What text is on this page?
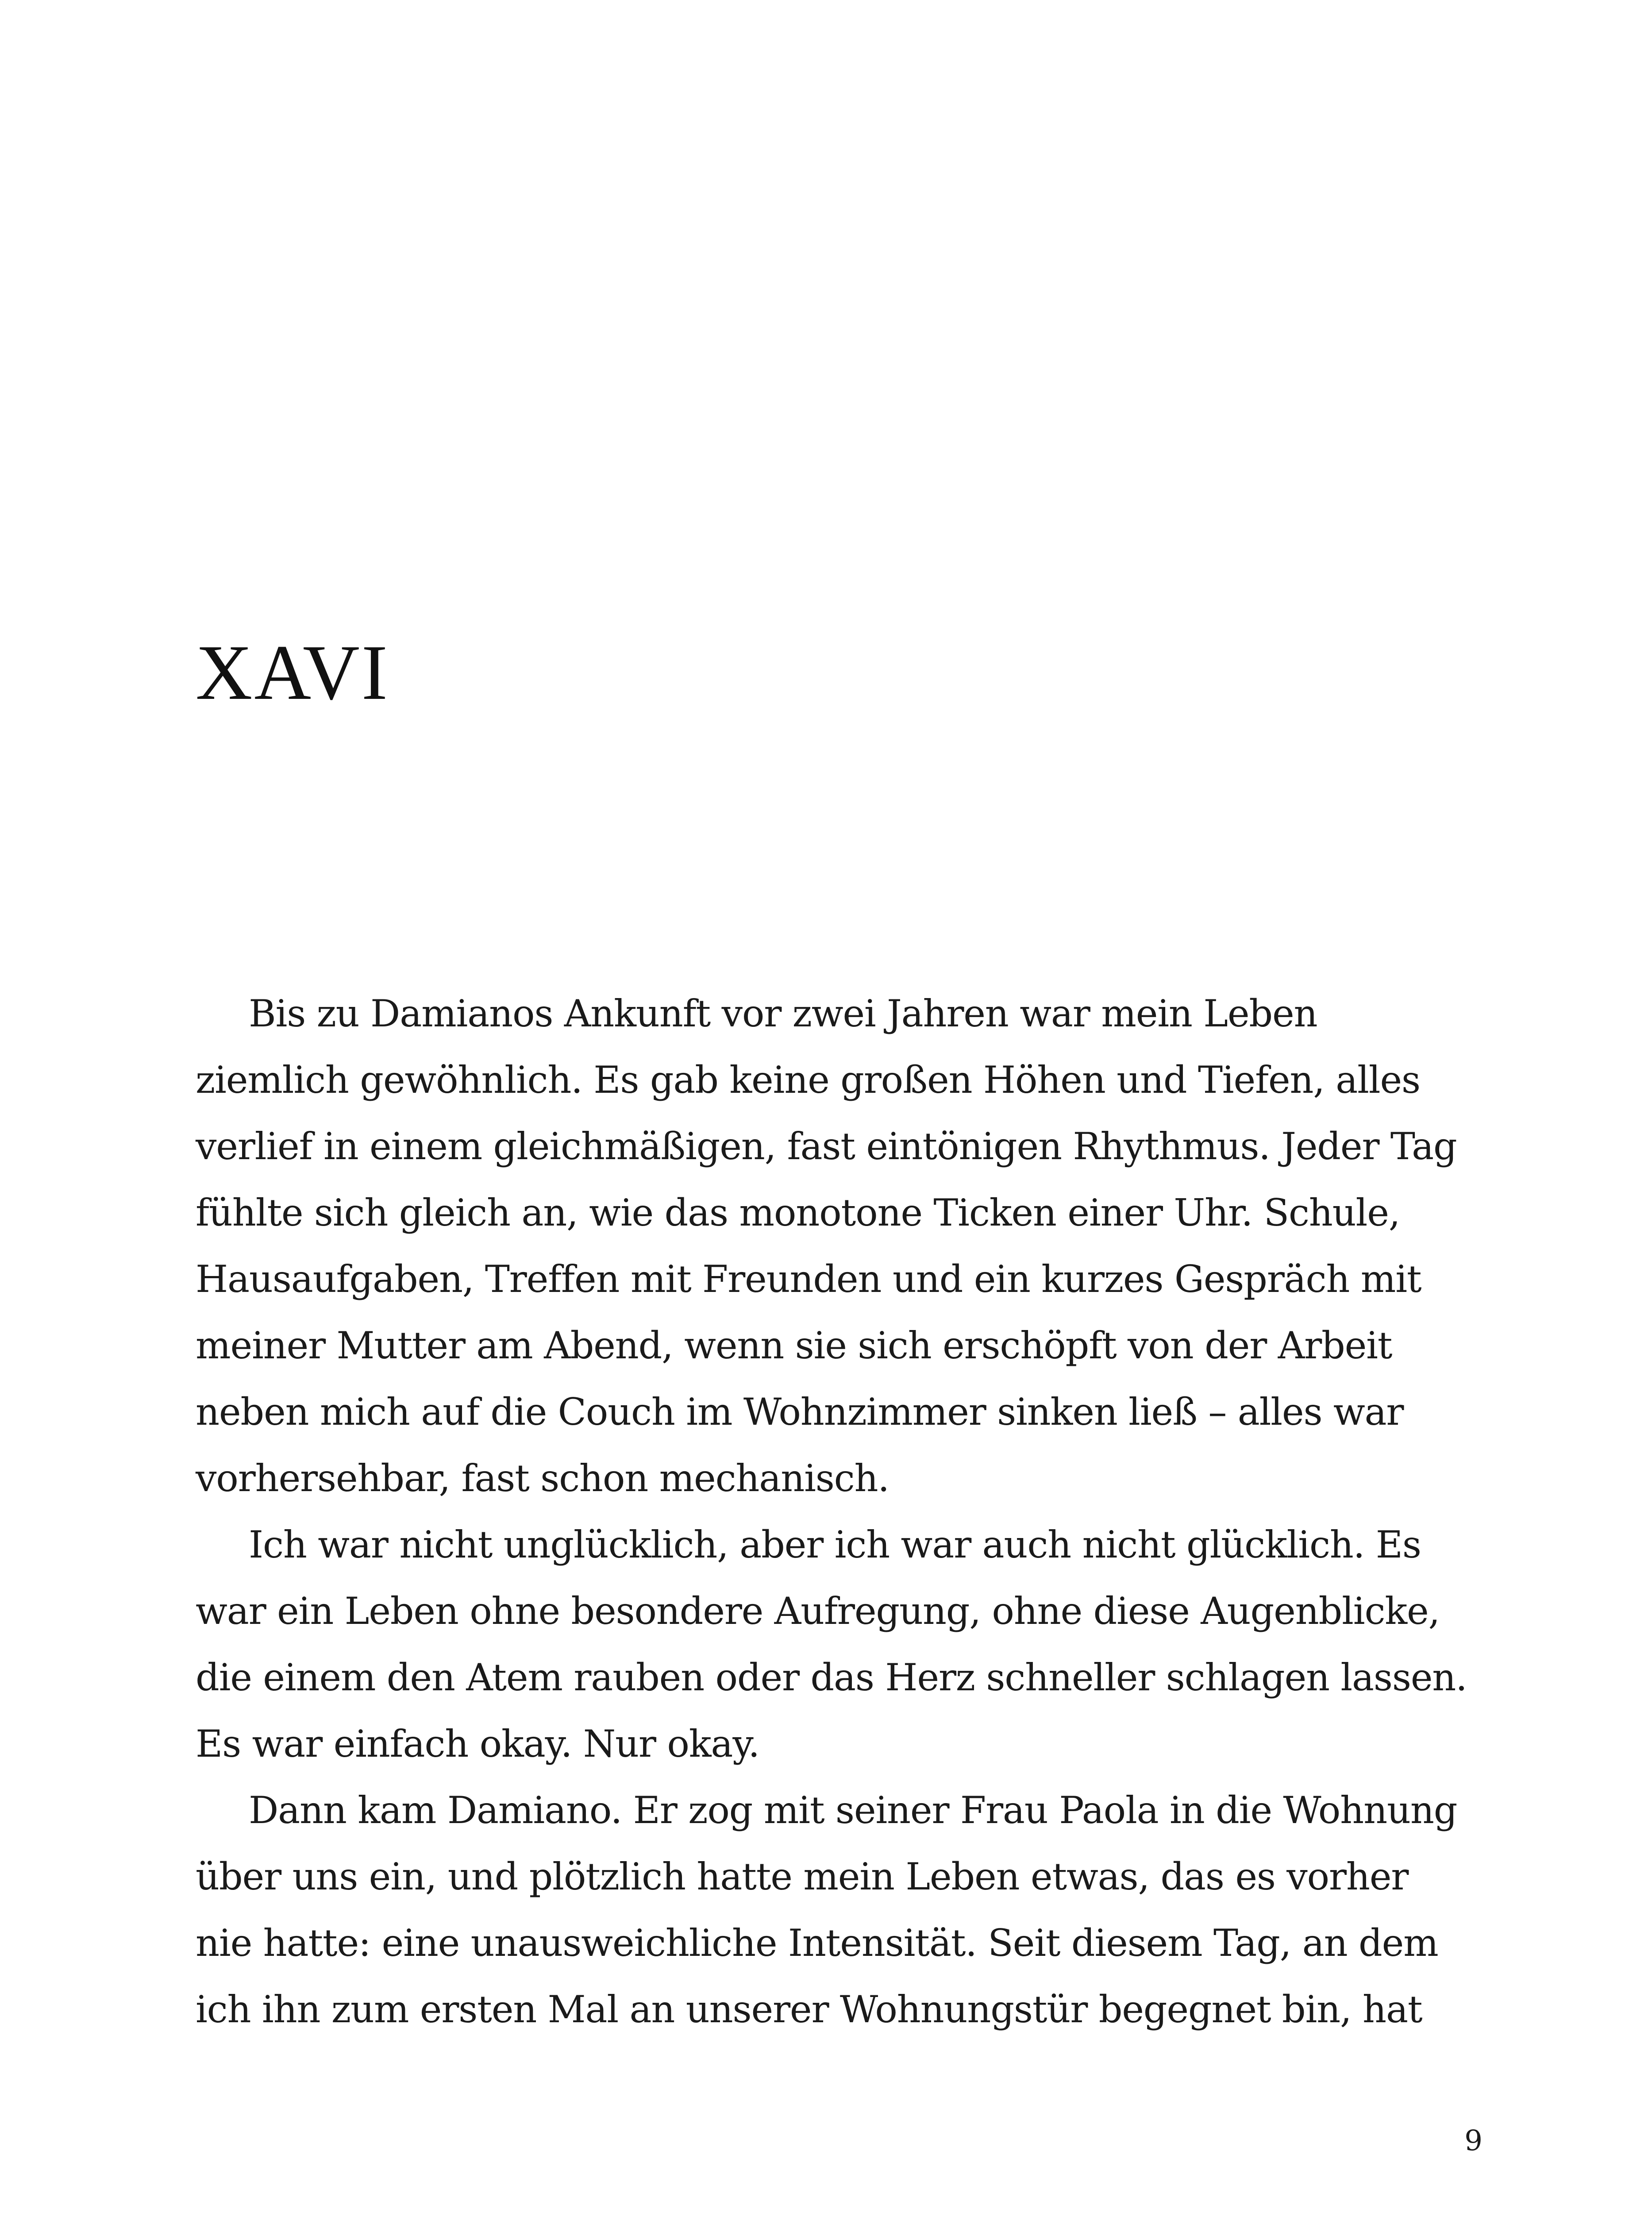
XAVI
Bis zu Damianos Ankunft vor zwei Jahren war mein Leben
ziemlich gewöhnlich. Es gab keine großen Höhen und Tiefen, alles
verlief in einem gleichmäßigen, fast eintönigen Rhythmus. Jeder Tag
fühlte sich gleich an, wie das monotone Ticken einer Uhr. Schule,
Hausaufgaben, Treffen mit Freunden und ein kurzes Gespräch mit
meiner Mutter am Abend, wenn sie sich erschöpft von der Arbeit
neben mich auf die Couch im Wohnzimmer sinken ließ – alles war
vorhersehbar, fast schon mechanisch.
Ich war nicht unglücklich, aber ich war auch nicht glücklich. Es
war ein Leben ohne besondere Aufregung, ohne diese Augenblicke,
die einem den Atem rauben oder das Herz schneller schlagen lassen.
Es war einfach okay. Nur okay.
Dann kam Damiano. Er zog mit seiner Frau Paola in die Wohnung
über uns ein, und plötzlich hatte mein Leben etwas, das es vorher
nie hatte: eine unausweichliche Intensität. Seit diesem Tag, an dem
ich ihn zum ersten Mal an unserer Wohnungstür begegnet bin, hat
9
